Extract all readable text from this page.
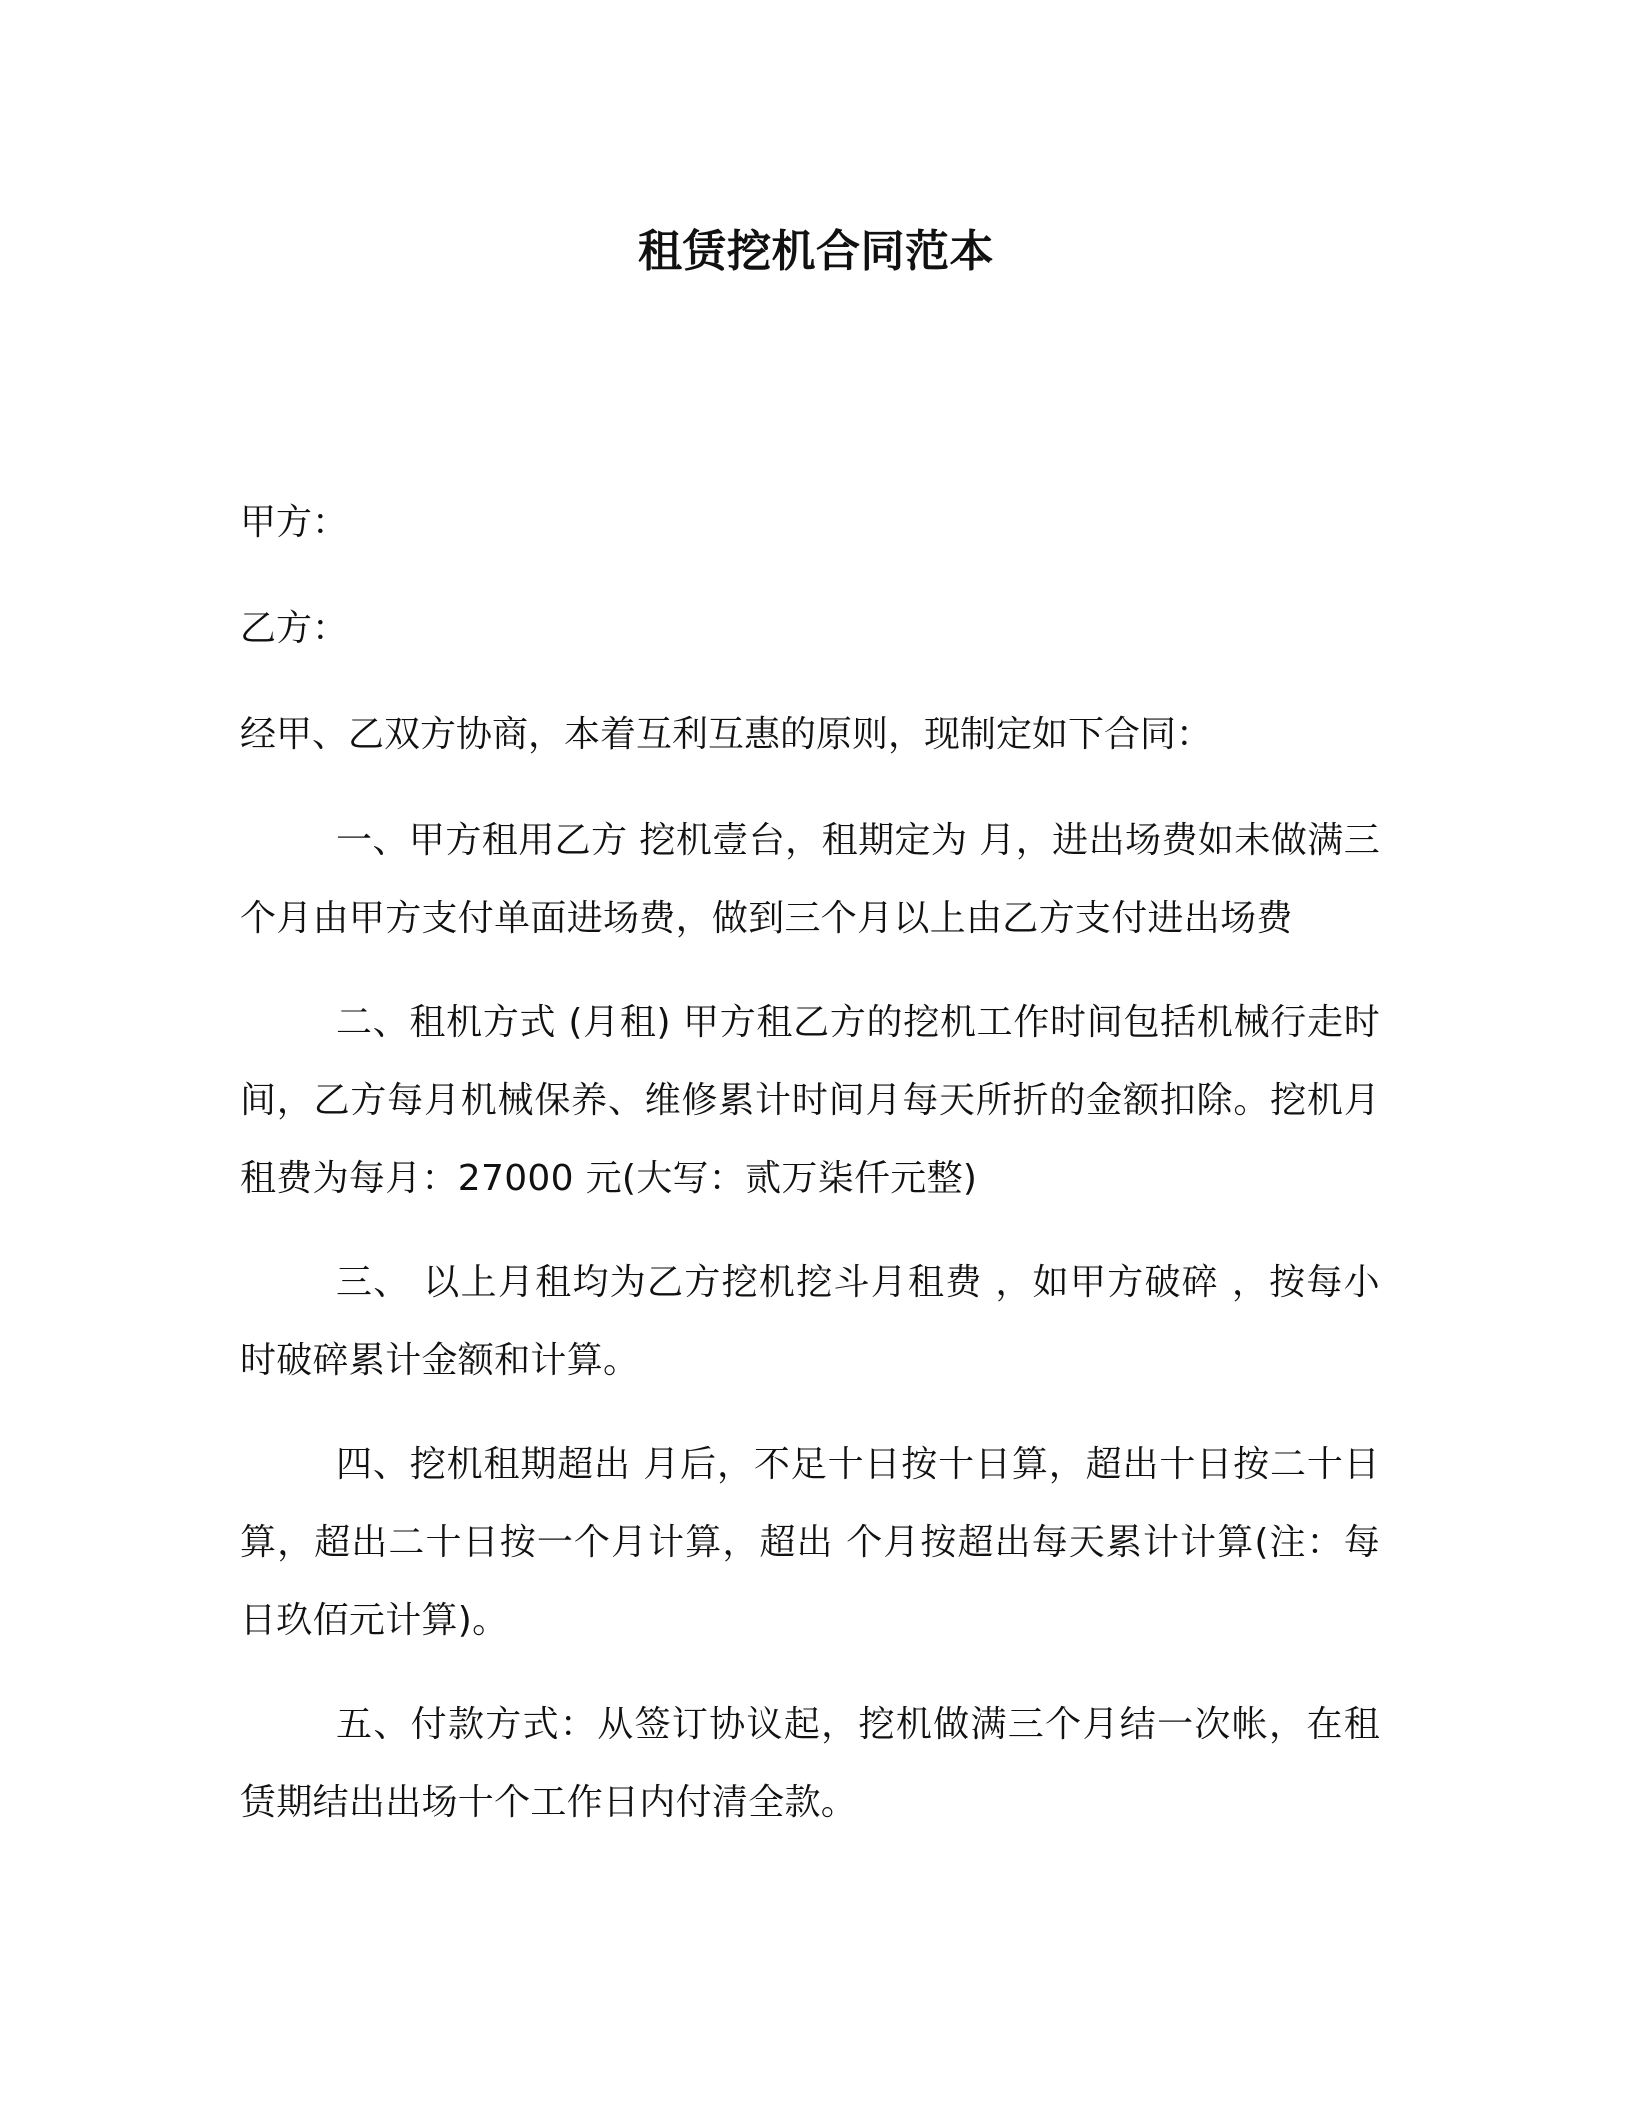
租赁挖机合同范本

甲方：

乙方：

经甲、乙双方协商，本着互利互惠的原则，现制定如下合同：

一、甲方租用乙方 挖机壹台，租期定为 月，进出场费如未做满三个月由甲方支付单面进场费，做到三个月以上由乙方支付进出场费

二、租机方式 (月租) 甲方租乙方的挖机工作时间包括机械行走时间，乙方每月机械保养、维修累计时间月每天所折的金额扣除。挖机月租费为每月：27000 元(大写：贰万柒仟元整)

三、 以上月租均为乙方挖机挖斗月租费 ，如甲方破碎 ，按每小时破碎累计金额和计算。

四、挖机租期超出 月后，不足十日按十日算，超出十日按二十日算，超出二十日按一个月计算，超出 个月按超出每天累计计算(注：每日玖佰元计算)。

五、付款方式：从签订协议起，挖机做满三个月结一次帐，在租赁期结出出场十个工作日内付清全款。
